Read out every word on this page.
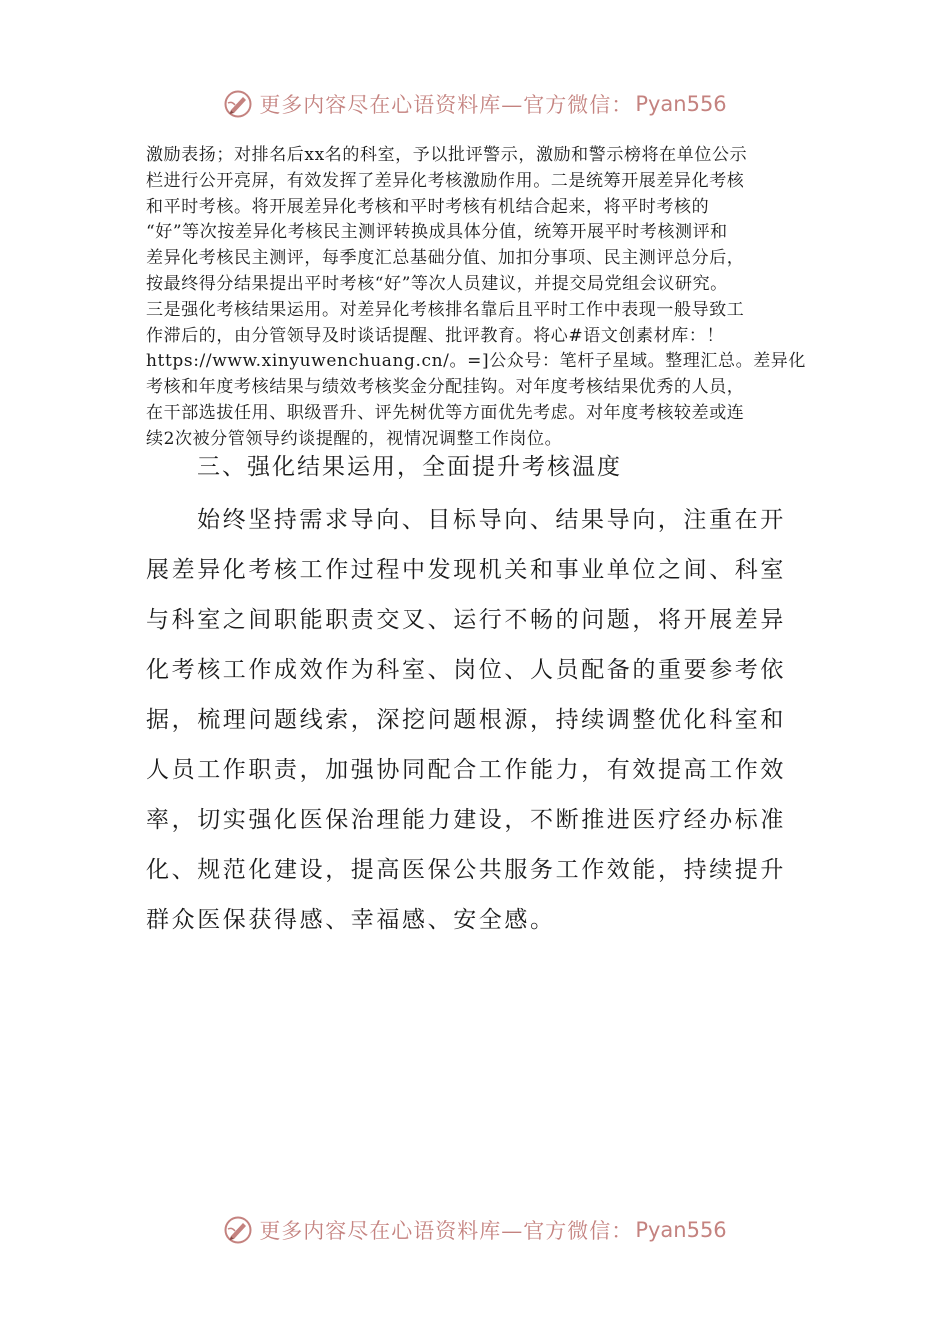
更多内容尽在心语资料库—官方微信： Pyan556
激励表扬；对排名后xx名的科室，予以批评警示，激励和警示榜将在单位公示
栏进行公开亮屏，有效发挥了差异化考核激励作用。二是统筹开展差异化考核
和平时考核。将开展差异化考核和平时考核有机结合起来，将平时考核的
“好”等次按差异化考核民主测评转换成具体分值，统筹开展平时考核测评和
差异化考核民主测评，每季度汇总基础分值、加扣分事项、民主测评总分后，
按最终得分结果提出平时考核“好”等次人员建议，并提交局党组会议研究。
三是强化考核结果运用。对差异化考核排名靠后且平时工作中表现一般导致工
作滞后的，由分管领导及时谈话提醒、批评教育。将心#语文创素材库：！
https://www.xinyuwenchuang.cn/。=]公众号：笔杆子星域。整理汇总。差异化
考核和年度考核结果与绩效考核奖金分配挂钩。对年度考核结果优秀的人员，
在干部选拔任用、职级晋升、评先树优等方面优先考虑。对年度考核较差或连
续2次被分管领导约谈提醒的，视情况调整工作岗位。
三、强化结果运用，全面提升考核温度
始终坚持需求导向、目标导向、结果导向，注重在开
展差异化考核工作过程中发现机关和事业单位之间、科室
与科室之间职能职责交叉、运行不畅的问题，将开展差异
化考核工作成效作为科室、岗位、人员配备的重要参考依
据，梳理问题线索，深挖问题根源，持续调整优化科室和
人员工作职责，加强协同配合工作能力，有效提高工作效
率，切实强化医保治理能力建设，不断推进医疗经办标准
化、规范化建设，提高医保公共服务工作效能，持续提升
群众医保获得感、幸福感、安全感。
更多内容尽在心语资料库—官方微信： Pyan556
